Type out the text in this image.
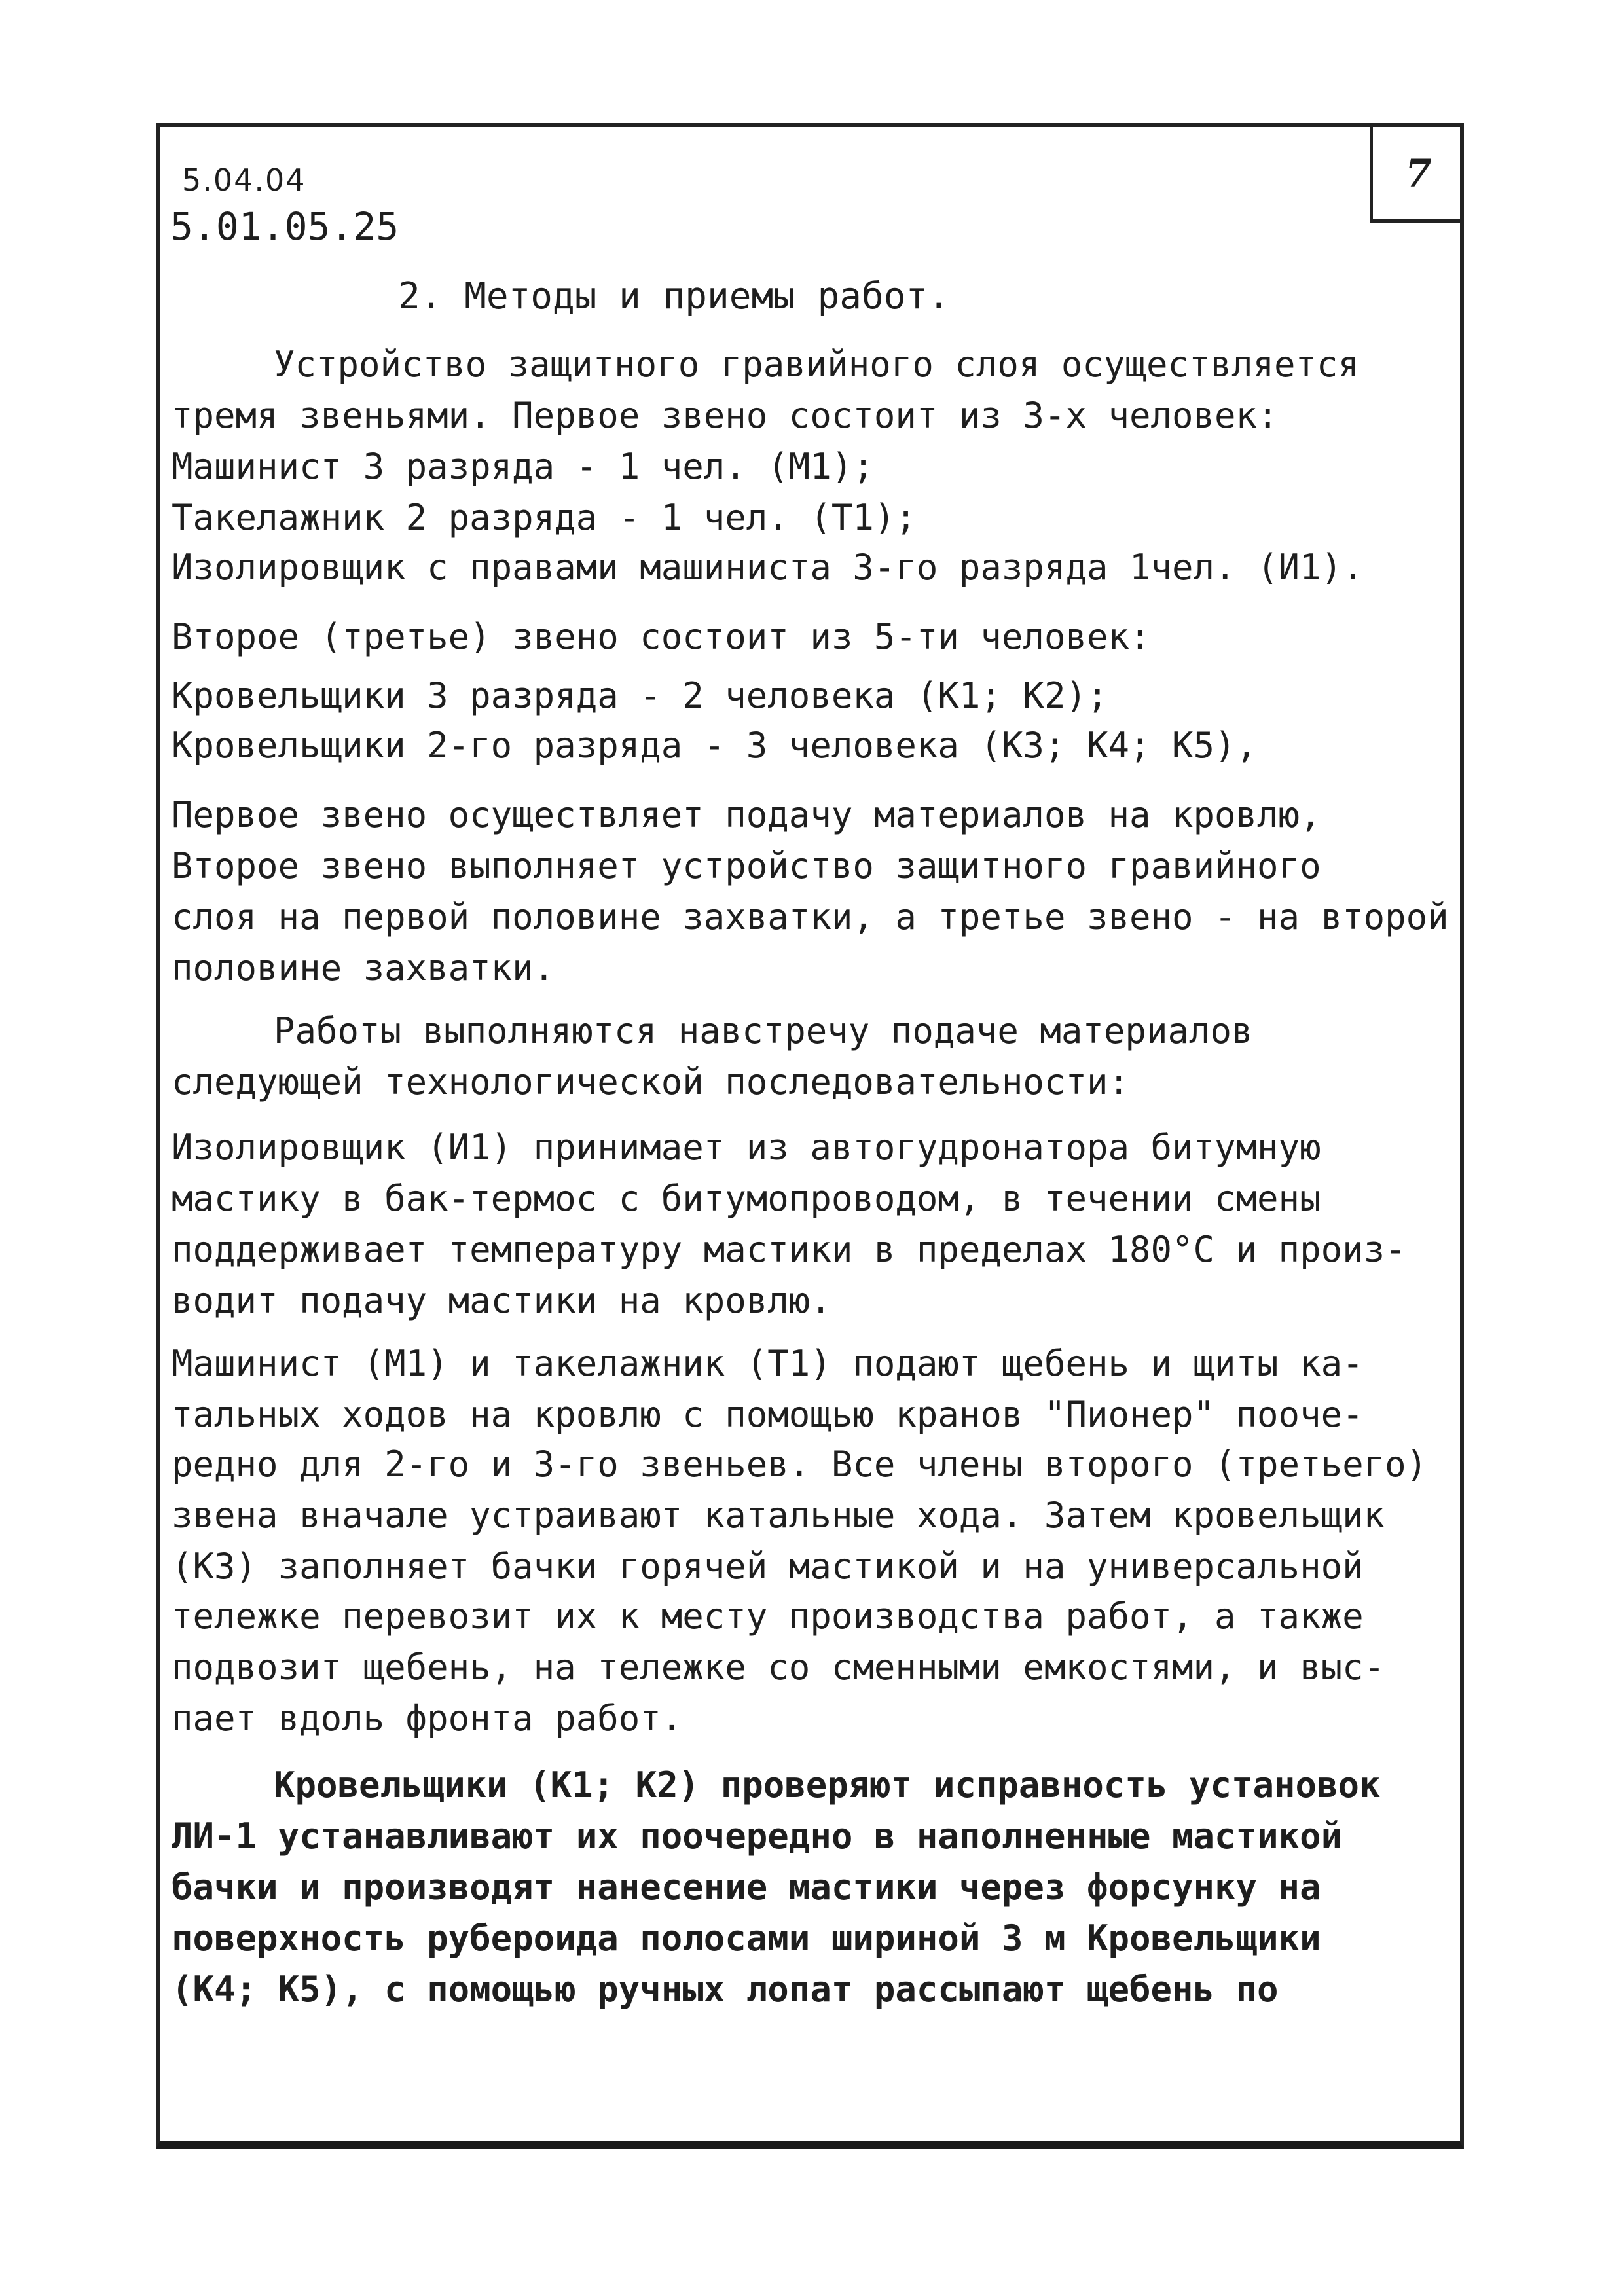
7
5.04.04
5.01.05.25
2. Методы и приемы работ.
Устройство защитного гравийного слоя осуществляется
тремя звеньями. Первое звено состоит из 3-х человек:
Машинист 3 разряда - 1 чел. (М1);
Такелажник 2 разряда - 1 чел. (Т1);
Изолировщик с правами машиниста 3-го разряда 1чел. (И1).
Второе (третье) звено состоит из 5-ти человек:
Кровельщики 3 разряда - 2 человека (К1; К2);
Кровельщики 2-го разряда - 3 человека (К3; К4; К5),
Первое звено осуществляет подачу материалов на кровлю,
Второе звено выполняет устройство защитного гравийного
слоя на первой половине захватки, а третье звено - на второй
половине захватки.
Работы выполняются навстречу подаче материалов
следующей технологической последовательности:
Изолировщик (И1) принимает из автогудронатора битумную
мастику в бак-термос с битумопроводом, в течении смены
поддерживает температуру мастики в пределах 180°С и произ-
водит подачу мастики на кровлю.
Машинист (М1) и такелажник (Т1) подают щебень и щиты ка-
тальных ходов на кровлю с помощью кранов "Пионер" пооче-
редно для 2-го и 3-го звеньев. Все члены второго (третьего)
звена вначале устраивают катальные хода. Затем кровельщик
(К3) заполняет бачки горячей мастикой и на универсальной
тележке перевозит их к месту производства работ, а также
подвозит щебень, на тележке со сменными емкостями, и выс-
пает вдоль фронта работ.
Кровельщики (К1; К2) проверяют исправность установок
ЛИ-1 устанавливают их поочередно в наполненные мастикой
бачки и производят нанесение мастики через форсунку на
поверхность рубероида полосами шириной 3 м Кровельщики
(К4; К5), с помощью ручных лопат рассыпают щебень по
